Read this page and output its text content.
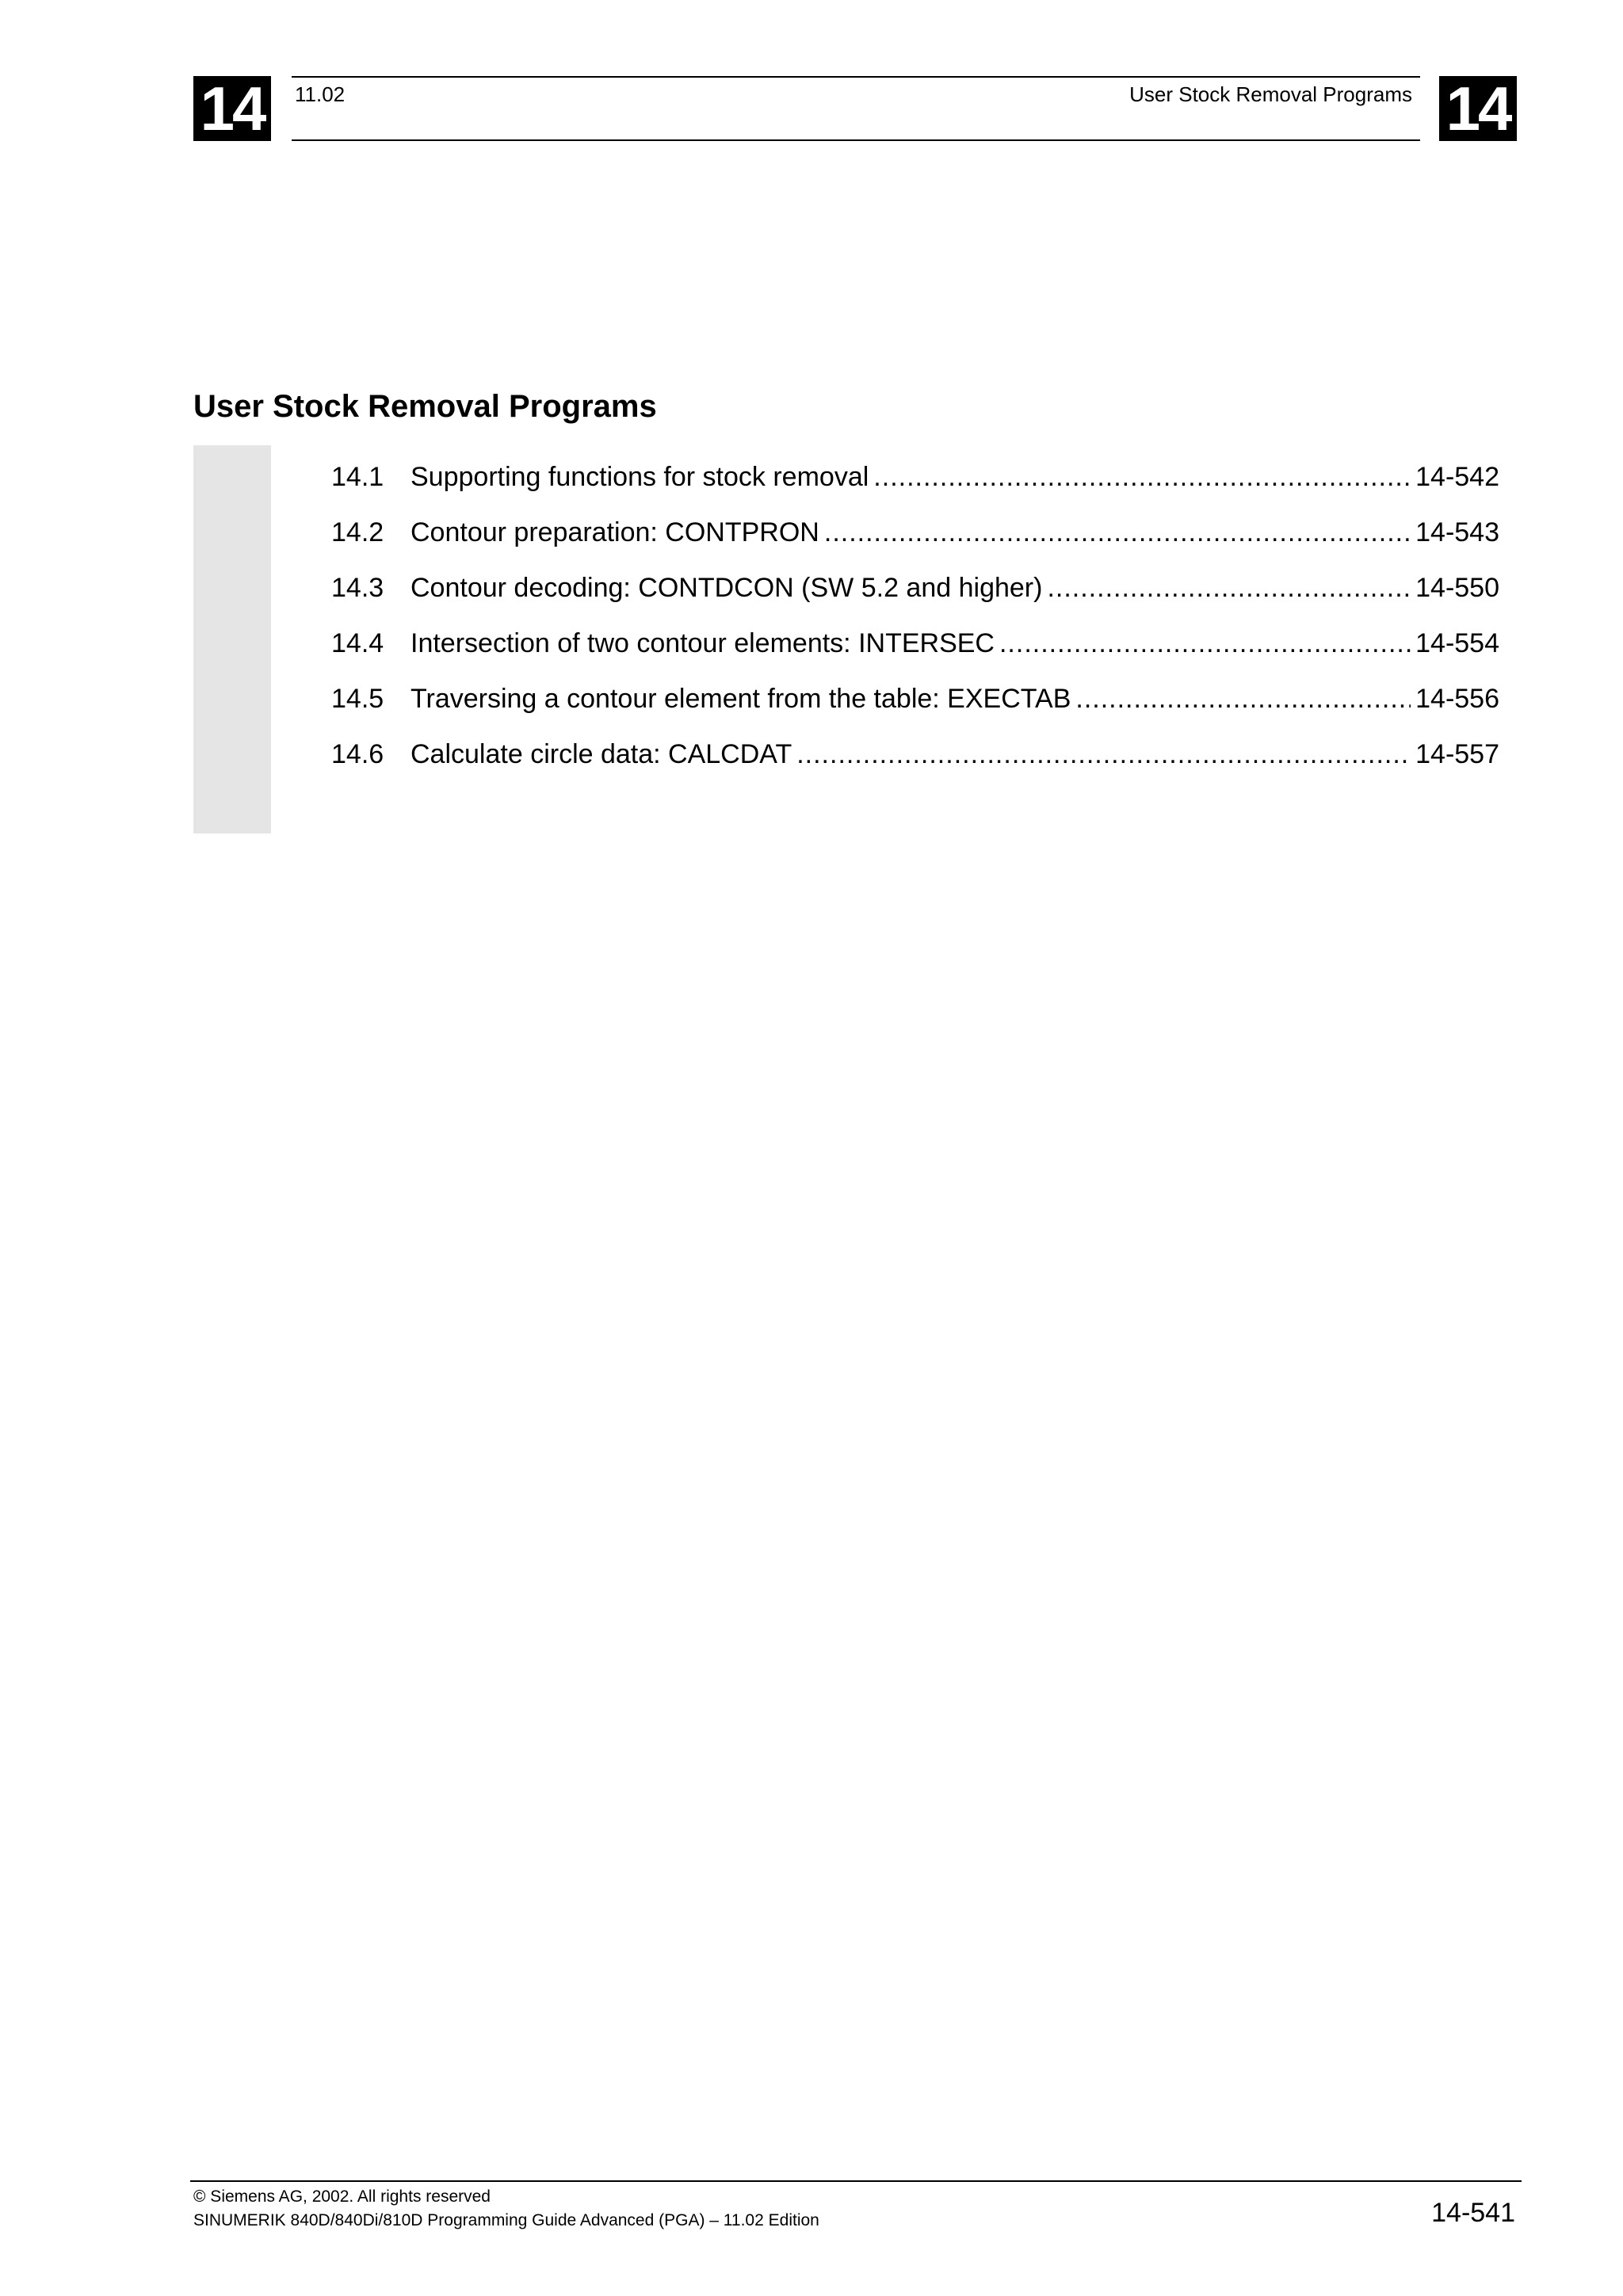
14	14
11.02	User Stock Removal Programs
User Stock Removal Programs
14.1 Supporting functions for stock removal .....	14-542
14.2 Contour preparation: CONTPRON .....	14-543
14.3 Contour decoding: CONTDCON (SW 5.2 and higher) .....	14-550
14.4 Intersection of two contour elements: INTERSEC .....	14-554
14.5 Traversing a contour element from the table: EXECTAB .....	14-556
14.6 Calculate circle data: CALCDAT .....	14-557
© Siemens AG, 2002. All rights reserved
SINUMERIK 840D/840Di/810D Programming Guide Advanced (PGA) – 11.02 Edition	14-541
